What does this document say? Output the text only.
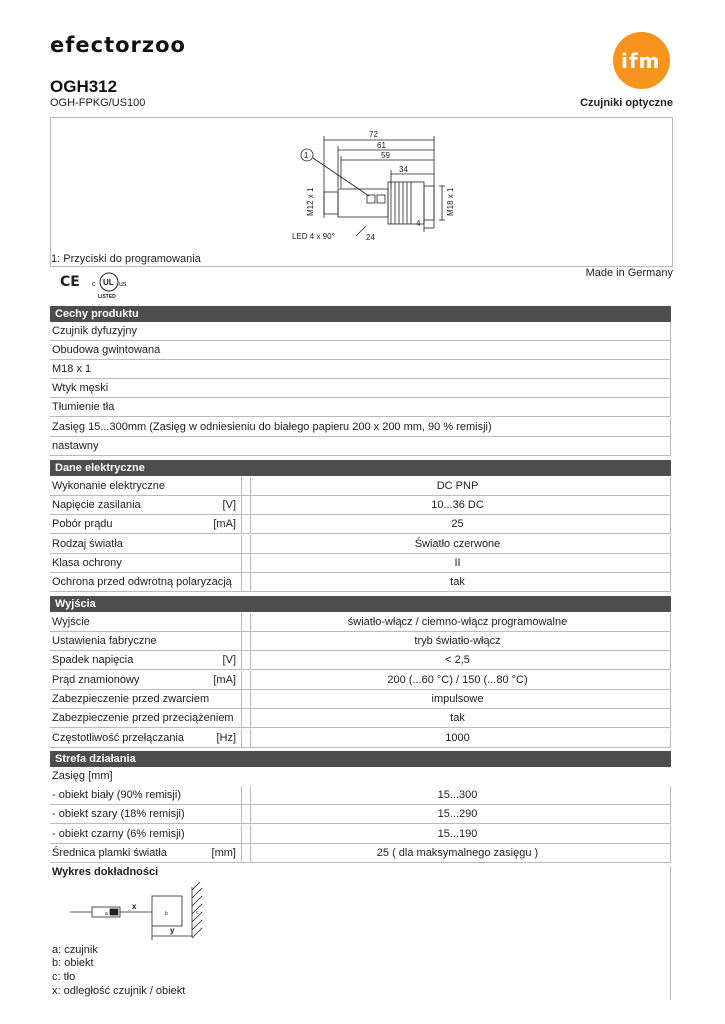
efectorzoo
ifm
OGH312
OGH-FPKG/US100	Czujniki optyczne
72
61
59
34
4
24
LED 4 x 90°
1
M12 x 1	M18 x 1
1: Przyciski do programowania
Made in Germany
CE c UL us
LISTED
Cechy produktu
Czujnik dyfuzyjny
Obudowa gwintowana
M18 x 1
Wtyk męski
Tłumienie tła
Zasięg 15...300mm (Zasięg w odniesieniu do białego papieru 200 x 200 mm, 90 % remisji)
nastawny
Dane elektryczne
Wykonanie elektryczne	DC PNP
Napięcie zasilania	[V]	10...36 DC
Pobór prądu	[mA]	25
Rodzaj światła	Światło czerwone
Klasa ochrony	II
Ochrona przed odwrotną polaryzacją	tak
Wyjścia
Wyjście	światło-włącz / ciemno-włącz programowalne
Ustawienia fabryczne	tryb światło-włącz
Spadek napięcia	[V]	< 2,5
Prąd znamionowy	[mA]	200 (...60 °C) / 150 (...80 °C)
Zabezpieczenie przed zwarciem	impulsowe
Zabezpieczenie przed przeciążeniem	tak
Częstotliwość przełączania	[Hz]	1000
Strefa działania
Zasięg [mm]
- obiekt biały (90% remisji)	15...300
- obiekt szary (18% remisji)	15...290
- obiekt czarny (6% remisji)	15...190
Średnica plamki światła	[mm]	25 ( dla maksymalnego zasięgu )
Wykres dokładności
a	b	c
x
y
a: czujnik
b: obiekt
c: tło
x: odległość czujnik / obiekt
